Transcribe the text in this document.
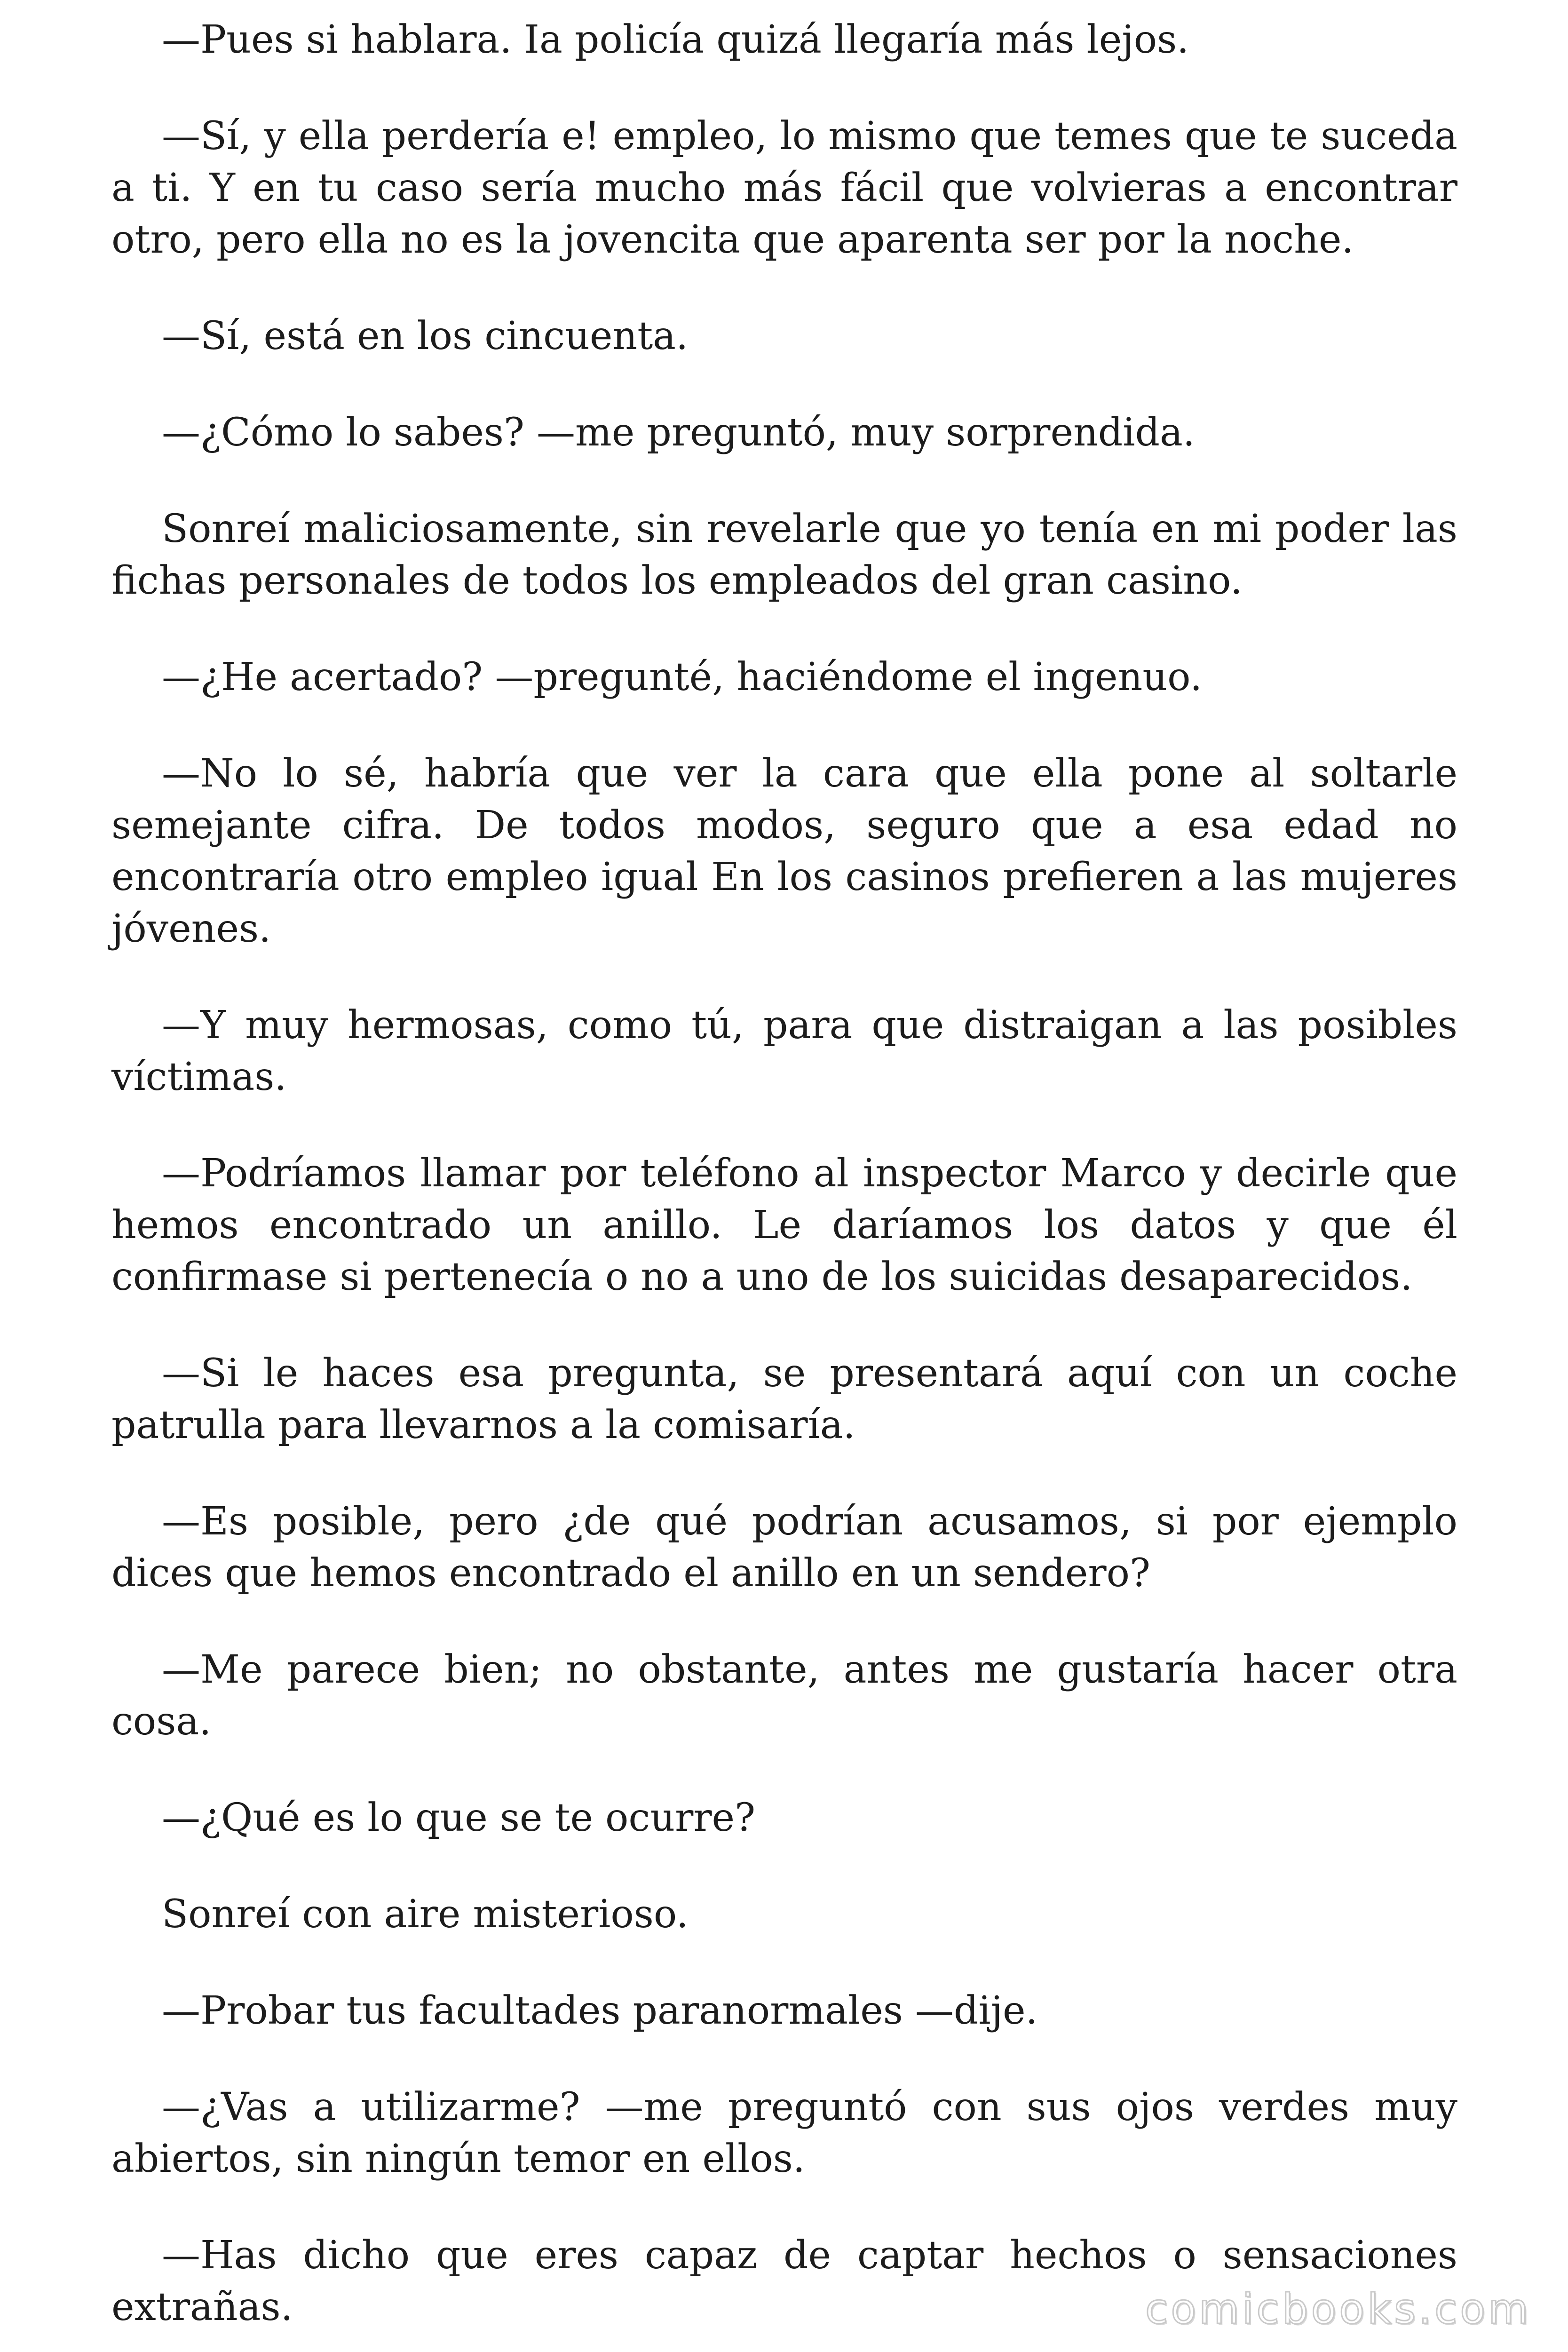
—Pues si hablara. Ia policía quizá llegaría más lejos.

—Sí, y ella perdería e! empleo, lo mismo que temes que te suceda a ti. Y en tu caso sería mucho más fácil que volvieras a encontrar otro, pero ella no es la jovencita que aparenta ser por la noche.

—Sí, está en los cincuenta.

—¿Cómo lo sabes? —me preguntó, muy sorprendida.

Sonreí maliciosamente, sin revelarle que yo tenía en mi poder las fichas personales de todos los empleados del gran casino.

—¿He acertado? —pregunté, haciéndome el ingenuo.

—No lo sé, habría que ver la cara que ella pone al soltarle semejante cifra. De todos modos, seguro que a esa edad no encontraría otro empleo igual En los casinos prefieren a las mujeres jóvenes.

—Y muy hermosas, como tú, para que distraigan a las posibles víctimas.

—Podríamos llamar por teléfono al inspector Marco y decirle que hemos encontrado un anillo. Le daríamos los datos y que él confirmase si pertenecía o no a uno de los suicidas desaparecidos.

—Si le haces esa pregunta, se presentará aquí con un coche patrulla para llevarnos a la comisaría.

—Es posible, pero ¿de qué podrían acusamos, si por ejemplo dices que hemos encontrado el anillo en un sendero?

—Me parece bien; no obstante, antes me gustaría hacer otra cosa.

—¿Qué es lo que se te ocurre?

Sonreí con aire misterioso.

—Probar tus facultades paranormales —dije.

—¿Vas a utilizarme? —me preguntó con sus ojos verdes muy abiertos, sin ningún temor en ellos.

—Has dicho que eres capaz de captar hechos o sensaciones extrañas.	comicbooks.com
